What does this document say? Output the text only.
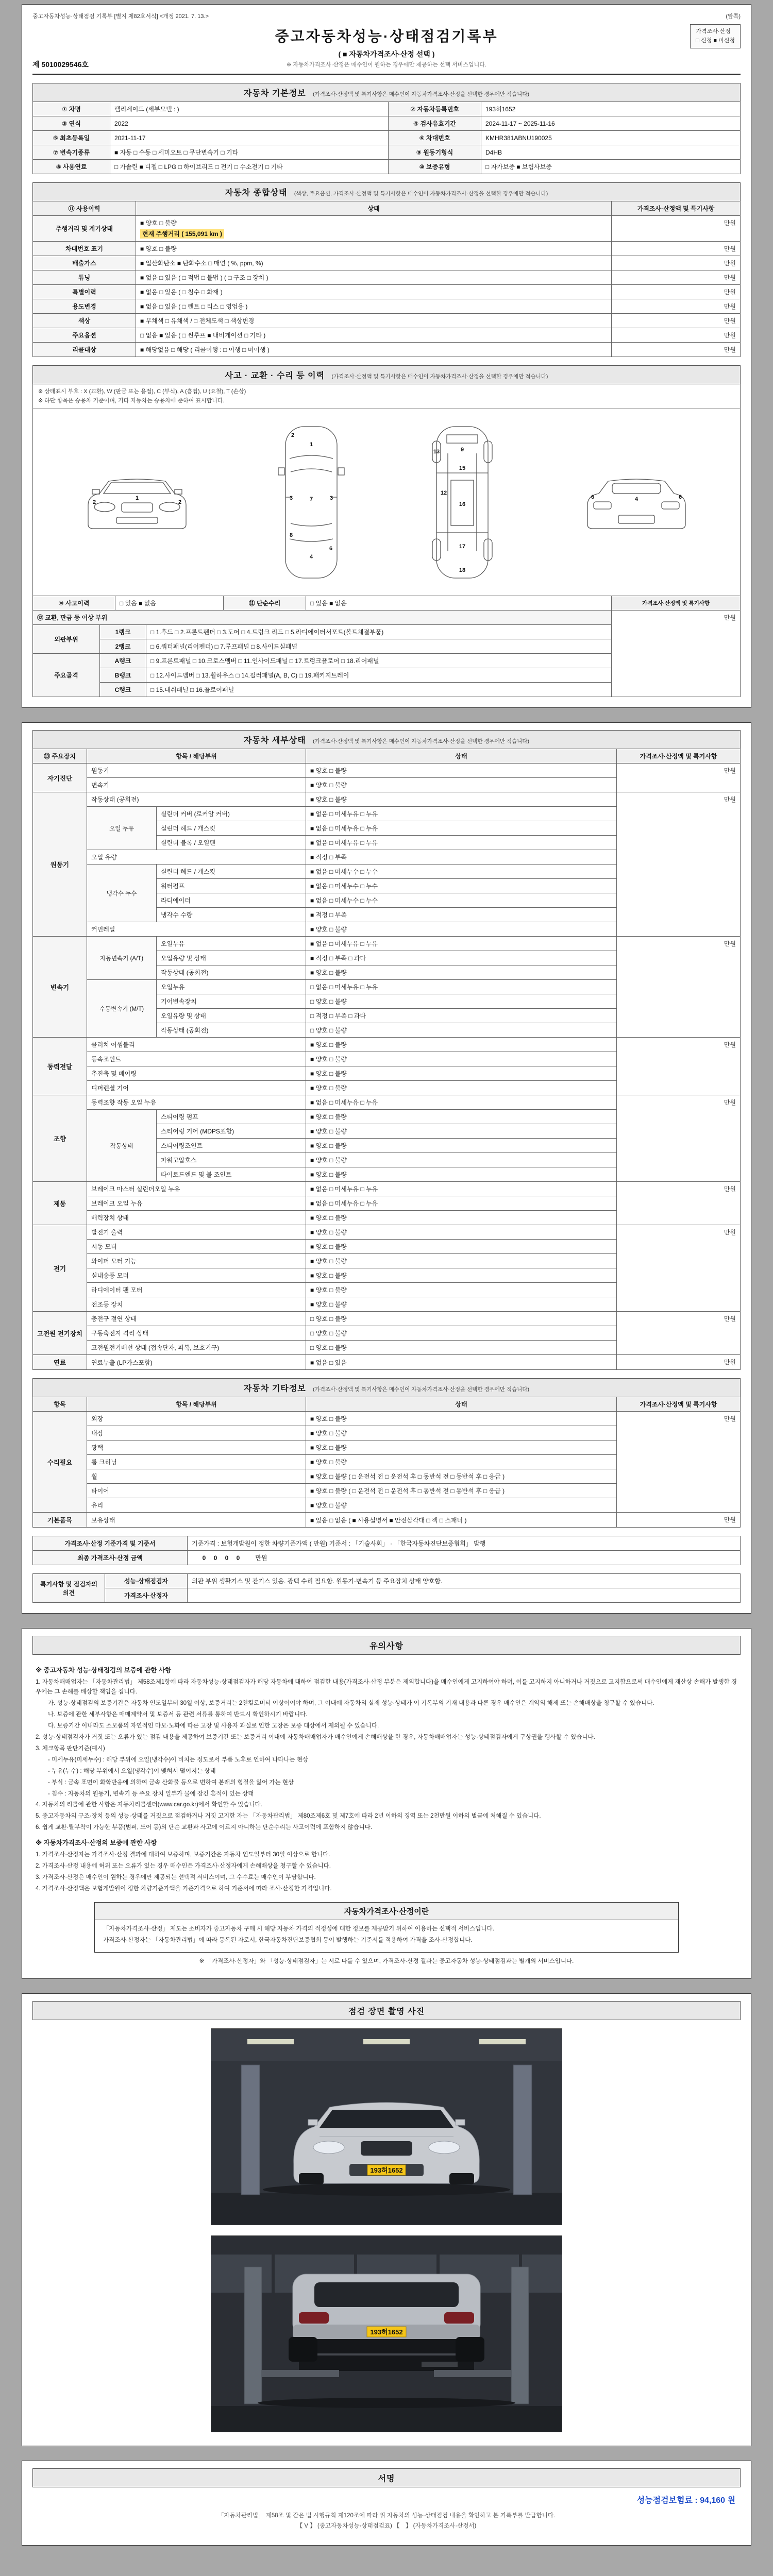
중고자동차성능·상태점검 기록부 [별지 제82호서식] <개정 2021. 7. 13.>	(앞쪽)
제 5010029546호
중고자동차성능·상태점검기록부
( ■ 자동차가격조사·산정 선택 )
※ 자동차가격조사·산정은 매수인이 원하는 경우에만 제공하는 선택 서비스입니다.
가격조사·산정
□ 신청 ■ 미신청
자동차 기본정보 (가격조사·산정액 및 특기사항은 매수인이 자동차가격조사·산정을 선택한 경우에만 적습니다)
① 차명	팰리세이드 (세부모델 : )	② 자동차등록번호	193허1652
③ 연식	2022	④ 검사유효기간	2024-11-17 ~ 2025-11-16
⑤ 최초등록일	2021-11-17	⑥ 차대번호	KMHR381ABNU190025
⑦ 변속기종류	■ 자동 □ 수동 □ 세미오토 □ 무단변속기 □ 기타	⑨ 원동기형식	D4HB
⑧ 사용연료	□ 가솔린 ■ 디젤 □ LPG □ 하이브리드 □ 전기 □ 수소전기 □ 기타	⑩ 보증유형	□ 자가보증 ■ 보험사보증
자동차 종합상태 (색상, 주요옵션, 가격조사·산정액 및 특기사항은 매수인이 자동차가격조사·산정을 선택한 경우에만 적습니다)
⑪ 사용이력	상태	가격조사·산정액 및 특기사항
주행거리 및 계기상태	■ 양호 □ 불량
현재 주행거리 ( 155,091 km )	만원
차대번호 표기	■ 양호 □ 불량	만원
배출가스	■ 일산화탄소 ■ 탄화수소 □ 매연 ( %, ppm, %)	만원
튜닝	■ 없음 □ 있음 ( □ 적법 □ 불법 ) ( □ 구조 □ 장치 )	만원
특별이력	■ 없음 □ 있음 ( □ 침수 □ 화재 )	만원
용도변경	■ 없음 □ 있음 ( □ 렌트 □ 리스 □ 영업용 )	만원
색상	■ 무채색 □ 유채색 / □ 전체도색 □ 색상변경	만원
주요옵션	□ 없음 ■ 있음 ( □ 썬루프 ■ 내비게이션 □ 기타 )	만원
리콜대상	■ 해당없음 □ 해당 ( 리콜이행 : □ 이행 □ 미이행 )	만원
사고 · 교환 · 수리 등 이력 (가격조사·산정액 및 특기사항은 매수인이 자동차가격조사·산정을 선택한 경우에만 적습니다)
※ 상태표시 부호 : X (교환), W (판금 또는 용접), C (부식), A (흠집), U (요철), T (손상)
※ 하단 항목은 승용차 기준이며, 기타 자동차는 승용차에 준하여 표시합니다.
1
2	2
1
2
3	3
7
4
6
8
9
13
12
15
16
17
18
4
6	6
⑩ 사고이력	□ 있음 ■ 없음	⑪ 단순수리	□ 있음 ■ 없음	가격조사·산정액 및 특기사항
⑫ 교환, 판금 등 이상 부위			만원
외판부위	1랭크	□ 1.후드 □ 2.프론트펜더 □ 3.도어 □ 4.트렁크 리드 □ 5.라디에이터서포트(볼트체결부품)	
	2랭크	□ 6.쿼터패널(리어펜더) □ 7.루프패널 □ 8.사이드실패널	
주요골격	A랭크	□ 9.프론트패널 □ 10.크로스멤버 □ 11.인사이드패널 □ 17.트렁크플로어 □ 18.리어패널	
	B랭크	□ 12.사이드멤버 □ 13.휠하우스 □ 14.필러패널(A, B, C) □ 19.패키지트레이	
	C랭크	□ 15.대쉬패널 □ 16.플로어패널	
자동차 세부상태 (가격조사·산정액 및 특기사항은 매수인이 자동차가격조사·산정을 선택한 경우에만 적습니다)
⑬ 주요장치	항목 / 해당부위		상태	가격조사·산정액 및 특기사항
자기진단	원동기		■ 양호 □ 불량	만원
	변속기		■ 양호 □ 불량	
원동기	작동상태 (공회전)		■ 양호 □ 불량	만원
	오일 누유	실린더 커버 (로커암 커버)	■ 없음 □ 미세누유 □ 누유	
		실린더 헤드 / 개스킷	■ 없음 □ 미세누유 □ 누유	
		실린더 블록 / 오일팬	■ 없음 □ 미세누유 □ 누유	
	오일 유량		■ 적정 □ 부족	
	냉각수 누수	실린더 헤드 / 개스킷	■ 없음 □ 미세누수 □ 누수	
		워터펌프	■ 없음 □ 미세누수 □ 누수	
		라디에이터	■ 없음 □ 미세누수 □ 누수	
		냉각수 수량	■ 적정 □ 부족	
	커먼레일		■ 양호 □ 불량	
변속기	자동변속기 (A/T)	오일누유	■ 없음 □ 미세누유 □ 누유	만원
		오일유량 및 상태	■ 적정 □ 부족 □ 과다	
		작동상태 (공회전)	■ 양호 □ 불량	
	수동변속기 (M/T)	오일누유	□ 없음 □ 미세누유 □ 누유	
		기어변속장치	□ 양호 □ 불량	
		오일유량 및 상태	□ 적정 □ 부족 □ 과다	
		작동상태 (공회전)	□ 양호 □ 불량	
동력전달	클러치 어셈블리		■ 양호 □ 불량	만원
	등속조인트		■ 양호 □ 불량	
	추진축 및 베어링		■ 양호 □ 불량	
	디퍼렌셜 기어		■ 양호 □ 불량	
조향	동력조향 작동 오일 누유		■ 없음 □ 미세누유 □ 누유	만원
	작동상태	스티어링 펌프	■ 양호 □ 불량	
		스티어링 기어 (MDPS포함)	■ 양호 □ 불량	
		스티어링조인트	■ 양호 □ 불량	
		파워고압호스	■ 양호 □ 불량	
		타이로드엔드 및 볼 조인트	■ 양호 □ 불량	
제동	브레이크 마스터 실린더오일 누유		■ 없음 □ 미세누유 □ 누유	만원
	브레이크 오일 누유		■ 없음 □ 미세누유 □ 누유	
	배력장치 상태		■ 양호 □ 불량	
전기	발전기 출력		■ 양호 □ 불량	만원
	시동 모터		■ 양호 □ 불량	
	와이퍼 모터 기능		■ 양호 □ 불량	
	실내송풍 모터		■ 양호 □ 불량	
	라디에이터 팬 모터		■ 양호 □ 불량	
	전조등 장치		■ 양호 □ 불량	
고전원 전기장치	충전구 절연 상태		□ 양호 □ 불량	만원
	구동축전지 격리 상태		□ 양호 □ 불량	
	고전원전기배선 상태 (접속단자, 피복, 보호기구)		□ 양호 □ 불량	
연료	연료누출 (LP가스포함)		■ 없음 □ 있음	만원
자동차 기타정보 (가격조사·산정액 및 특기사항은 매수인이 자동차가격조사·산정을 선택한 경우에만 적습니다)
항목	항목 / 해당부위	상태	가격조사·산정액 및 특기사항
수리필요	외장	■ 양호 □ 불량	만원
	내장	■ 양호 □ 불량	
	광택	■ 양호 □ 불량	
	룸 크리닝	■ 양호 □ 불량	
	휠	■ 양호 □ 불량 ( □ 운전석 전 □ 운전석 후 □ 동반석 전 □ 동반석 후 □ 응급 )	
	타이어	■ 양호 □ 불량 ( □ 운전석 전 □ 운전석 후 □ 동반석 전 □ 동반석 후 □ 응급 )	
	유리	■ 양호 □ 불량	
기본품목	보유상태	■ 있음 □ 없음 ( ■ 사용설명서 ■ 안전삼각대 □ 잭 □ 스패너 )	만원
가격조사·산정 기준가격 및 기준서	기준가격 : 보험개발원이 정한 차량기준가액 ( 만원) 기준서 : 「기술사회」 · 「한국자동차진단보증협회」 발행
최종 가격조사·산정 금액	0 0 0 0 만원
특기사항 및 점검자의 의견	성능·상태점검자	외판 부위 생활기스 및 잔기스 있음. 광택 수리 필요함. 원동기·변속기 등 주요장치 상태 양호함.
	가격조사·산정자	
유의사항
※ 중고자동차 성능·상태점검의 보증에 관한 사항
1. 자동차매매업자는 「자동차관리법」 제58조제1항에 따라 자동차성능·상태점검자가 해당 자동차에 대하여 점검한 내용(가격조사·산정 부분은 제외합니다)을 매수인에게 고지하여야 하며, 이를 고지하지 아니하거나 거짓으로 고지함으로써 매수인에게 재산상 손해가 발생한 경우에는 그 손해를 배상할 책임을 집니다.
가. 성능·상태점검의 보증기간은 자동차 인도일부터 30일 이상, 보증거리는 2천킬로미터 이상이어야 하며, 그 이내에 자동차의 실제 성능·상태가 이 기록부의 기재 내용과 다른 경우 매수인은 계약의 해제 또는 손해배상을 청구할 수 있습니다.
나. 보증에 관한 세부사항은 매매계약서 및 보증서 등 관련 서류를 통하여 반드시 확인하시기 바랍니다.
다. 보증기간 이내라도 소모품의 자연적인 마모·노화에 따른 고장 및 사용자 과실로 인한 고장은 보증 대상에서 제외될 수 있습니다.
2. 성능·상태점검자가 거짓 또는 오류가 있는 점검 내용을 제공하여 보증기간 또는 보증거리 이내에 자동차매매업자가 매수인에게 손해배상을 한 경우, 자동차매매업자는 성능·상태점검자에게 구상권을 행사할 수 있습니다.
3. 체크항목 판단기준(예시)
- 미세누유(미세누수) : 해당 부위에 오일(냉각수)이 비치는 정도로서 부품 노후로 인하여 나타나는 현상
- 누유(누수) : 해당 부위에서 오일(냉각수)이 맺혀서 떨어지는 상태
- 부식 : 금속 표면이 화학반응에 의하여 금속 산화물 등으로 변하여 본래의 형질을 잃어 가는 현상
- 침수 : 자동차의 원동기, 변속기 등 주요 장치 일부가 물에 잠긴 흔적이 있는 상태
4. 자동차의 리콜에 관한 사항은 자동차리콜센터(www.car.go.kr)에서 확인할 수 있습니다.
5. 중고자동차의 구조·장치 등의 성능·상태를 거짓으로 점검하거나 거짓 고지한 자는 「자동차관리법」 제80조제6호 및 제7호에 따라 2년 이하의 징역 또는 2천만원 이하의 벌금에 처해질 수 있습니다.
6. 쉽게 교환·탈부착이 가능한 부품(범퍼, 도어 등)의 단순 교환과 사고에 이르지 아니하는 단순수리는 사고이력에 포함하지 않습니다.
※ 자동차가격조사·산정의 보증에 관한 사항
1. 가격조사·산정자는 가격조사·산정 결과에 대하여 보증하며, 보증기간은 자동차 인도일부터 30일 이상으로 합니다.
2. 가격조사·산정 내용에 허위 또는 오류가 있는 경우 매수인은 가격조사·산정자에게 손해배상을 청구할 수 있습니다.
3. 가격조사·산정은 매수인이 원하는 경우에만 제공되는 선택적 서비스이며, 그 수수료는 매수인이 부담합니다.
4. 가격조사·산정액은 보험개발원이 정한 차량기준가액을 기준가격으로 하여 기준서에 따라 조사·산정한 가격입니다.
자동차가격조사·산정이란
「자동차가격조사·산정」 제도는 소비자가 중고자동차 구매 시 해당 자동차 가격의 적정성에 대한 정보를 제공받기 위하여 이용하는 선택적 서비스입니다.
가격조사·산정자는 「자동차관리법」에 따라 등록된 자로서, 한국자동차진단보증협회 등이 발행하는 기준서를 적용하여 가격을 조사·산정합니다.
※ 「가격조사·산정자」와 「성능·상태점검자」는 서로 다를 수 있으며, 가격조사·산정 결과는 중고자동차 성능·상태점검과는 별개의 서비스입니다.
점검 장면 촬영 사진
193허1652
193허1652
서명
성능점검보험료 : 94,160 원
「자동차관리법」 제58조 및 같은 법 시행규칙 제120조에 따라 위 자동차의 성능·상태점검 내용을 확인하고 본 기록부를 발급합니다.
【 V 】 (중고자동차성능·상태점검표) 【　】 (자동차가격조사·산정서)
